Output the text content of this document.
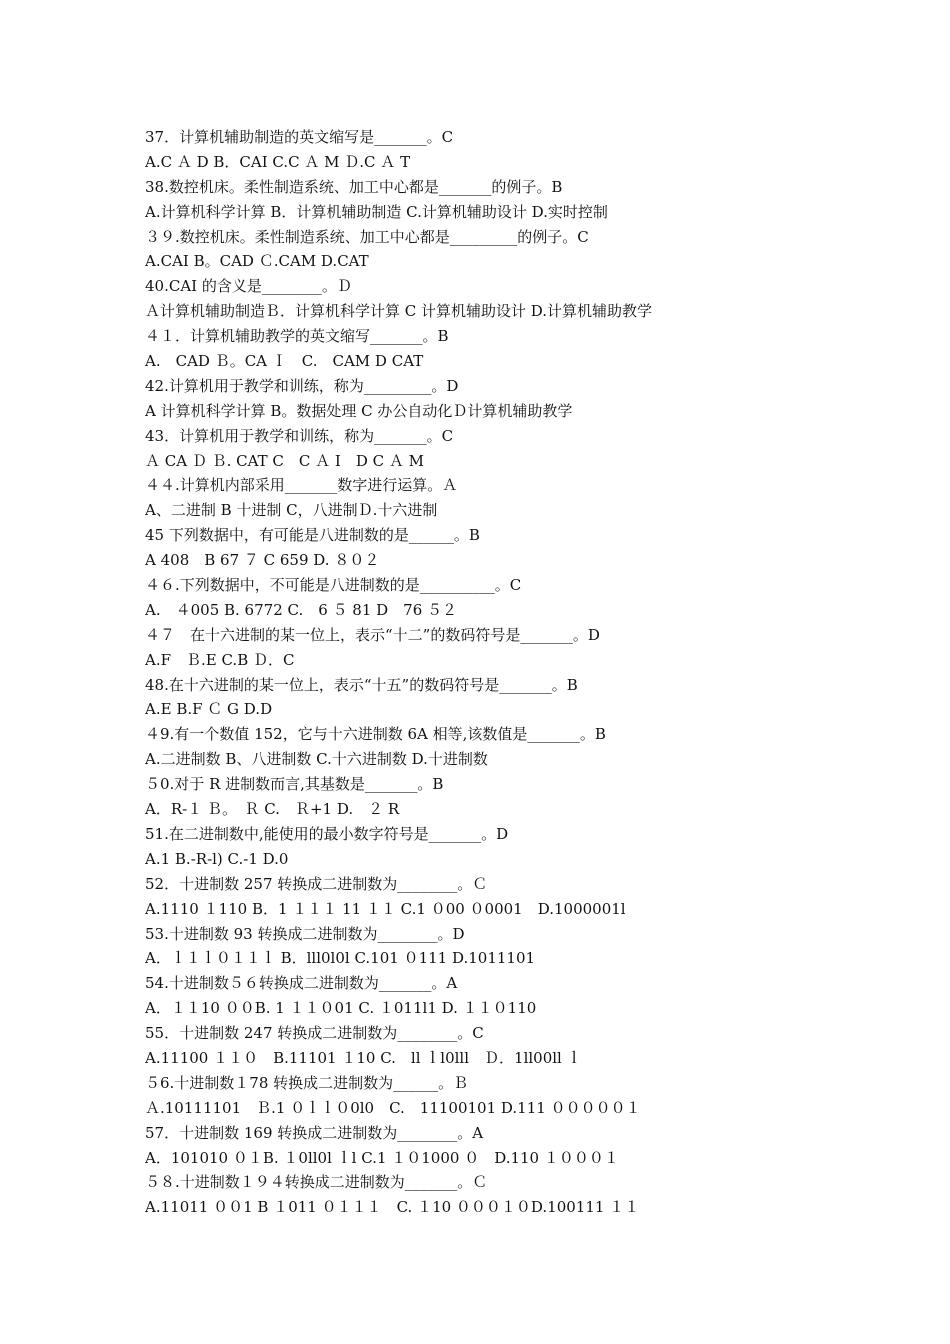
37．计算机辅助制造的英文缩写是_______。C
A.C Ａ D B．CAI C.C Ａ M Ｄ.C Ａ T
38.数控机床。柔性制造系统、加工中心都是_______的例子。B
A.计算机科学计算 B．计算机辅助制造 C.计算机辅助设计 D.实时控制
３９.数控机床。柔性制造系统、加工中心都是_________的例子。C
A.CAI B。CAD Ｃ.CAM D.CAT
40.CAI 的含义是________。Ｄ
Ａ计算机辅助制造Ｂ．计算机科学计算 C 计算机辅助设计 D.计算机辅助教学
４１．计算机辅助教学的英文缩写_______。B
A.　CAD Ｂ。CA Ｉ　C.　CAM D CAT
42.计算机用于教学和训练，称为_________。D
A 计算机科学计算 B。数据处理 C 办公自动化Ｄ计算机辅助教学
43．计算机用于教学和训练，称为_______。C
Ａ CA Ｄ Ｂ. CAT C　C Ａ I　D C Ａ M
４４.计算机内部采用_______数字进行运算。Ａ
A、二进制 B 十进制 C，八进制Ｄ.十六进制
45 下列数据中，有可能是八进制数的是______。B
A 408　B 67 ７ C 659 D. ８０２
４６.下列数据中，不可能是八进制数的是__________。C
A.　４005 B. 6772 C.　6 ５ 81 D　76 ５２
４７　在十六进制的某一位上，表示“十二”的数码符号是_______。D
A.F　Ｂ.E C.B Ｄ．C
48.在十六进制的某一位上，表示“十五”的数码符号是_______。B
A.E B.F Ｃ G D.D
４9.有一个数值 152，它与十六进制数 6A 相等,该数值是_______。B
A.二进制数 B、八进制数 C.十六进制数 D.十进制数
５0.对于 R 进制数而言,其基数是_______。B
A．R-１ Ｂ。　Ｒ C.　Ｒ+1 D.　２ R
51.在二进制数中,能使用的最小数字符号是_______。D
A.1 B.-R-l) C.-1 D.0
52．十进制数 257 转换成二进制数为________。Ｃ
A.1110 １110 B．1 １１１ 11 １１ C.1 ０00 ０0001　D.1000001l
53.十进制数 93 转换成二进制数为________。D
A．ｌ１ｌ０１１ｌ B．lll0l0l C.101 ０111 D.1011101
54.十进制数５６转换成二进制数为_______。A
A．１１10 ００B. 1 １１０01 C. １011l1 D. １１０110
55．十进制数 247 转换成二进制数为________。C
A.11100 １１０　B.11101 １10 C.　ll ｌl0lll　Ｄ．1ll00ll ｌ
５6.十进制数１78 转换成二进制数为______。Ｂ
Ａ.10111101　Ｂ.1 ０ｌｌ０0l0　C.　11100101 D.111 ０００００１
57．十进制数 169 转换成二进制数为________。A
A．101010 ０１B. １0ll0l ｌl C.1 １０1000 ０　D.110 １０００１
５８.十进制数１９４转换成二进制数为_______。Ｃ
A.11011 ００1 B １011 ０１１１　C. １10 ０００１０D.100111 １１
